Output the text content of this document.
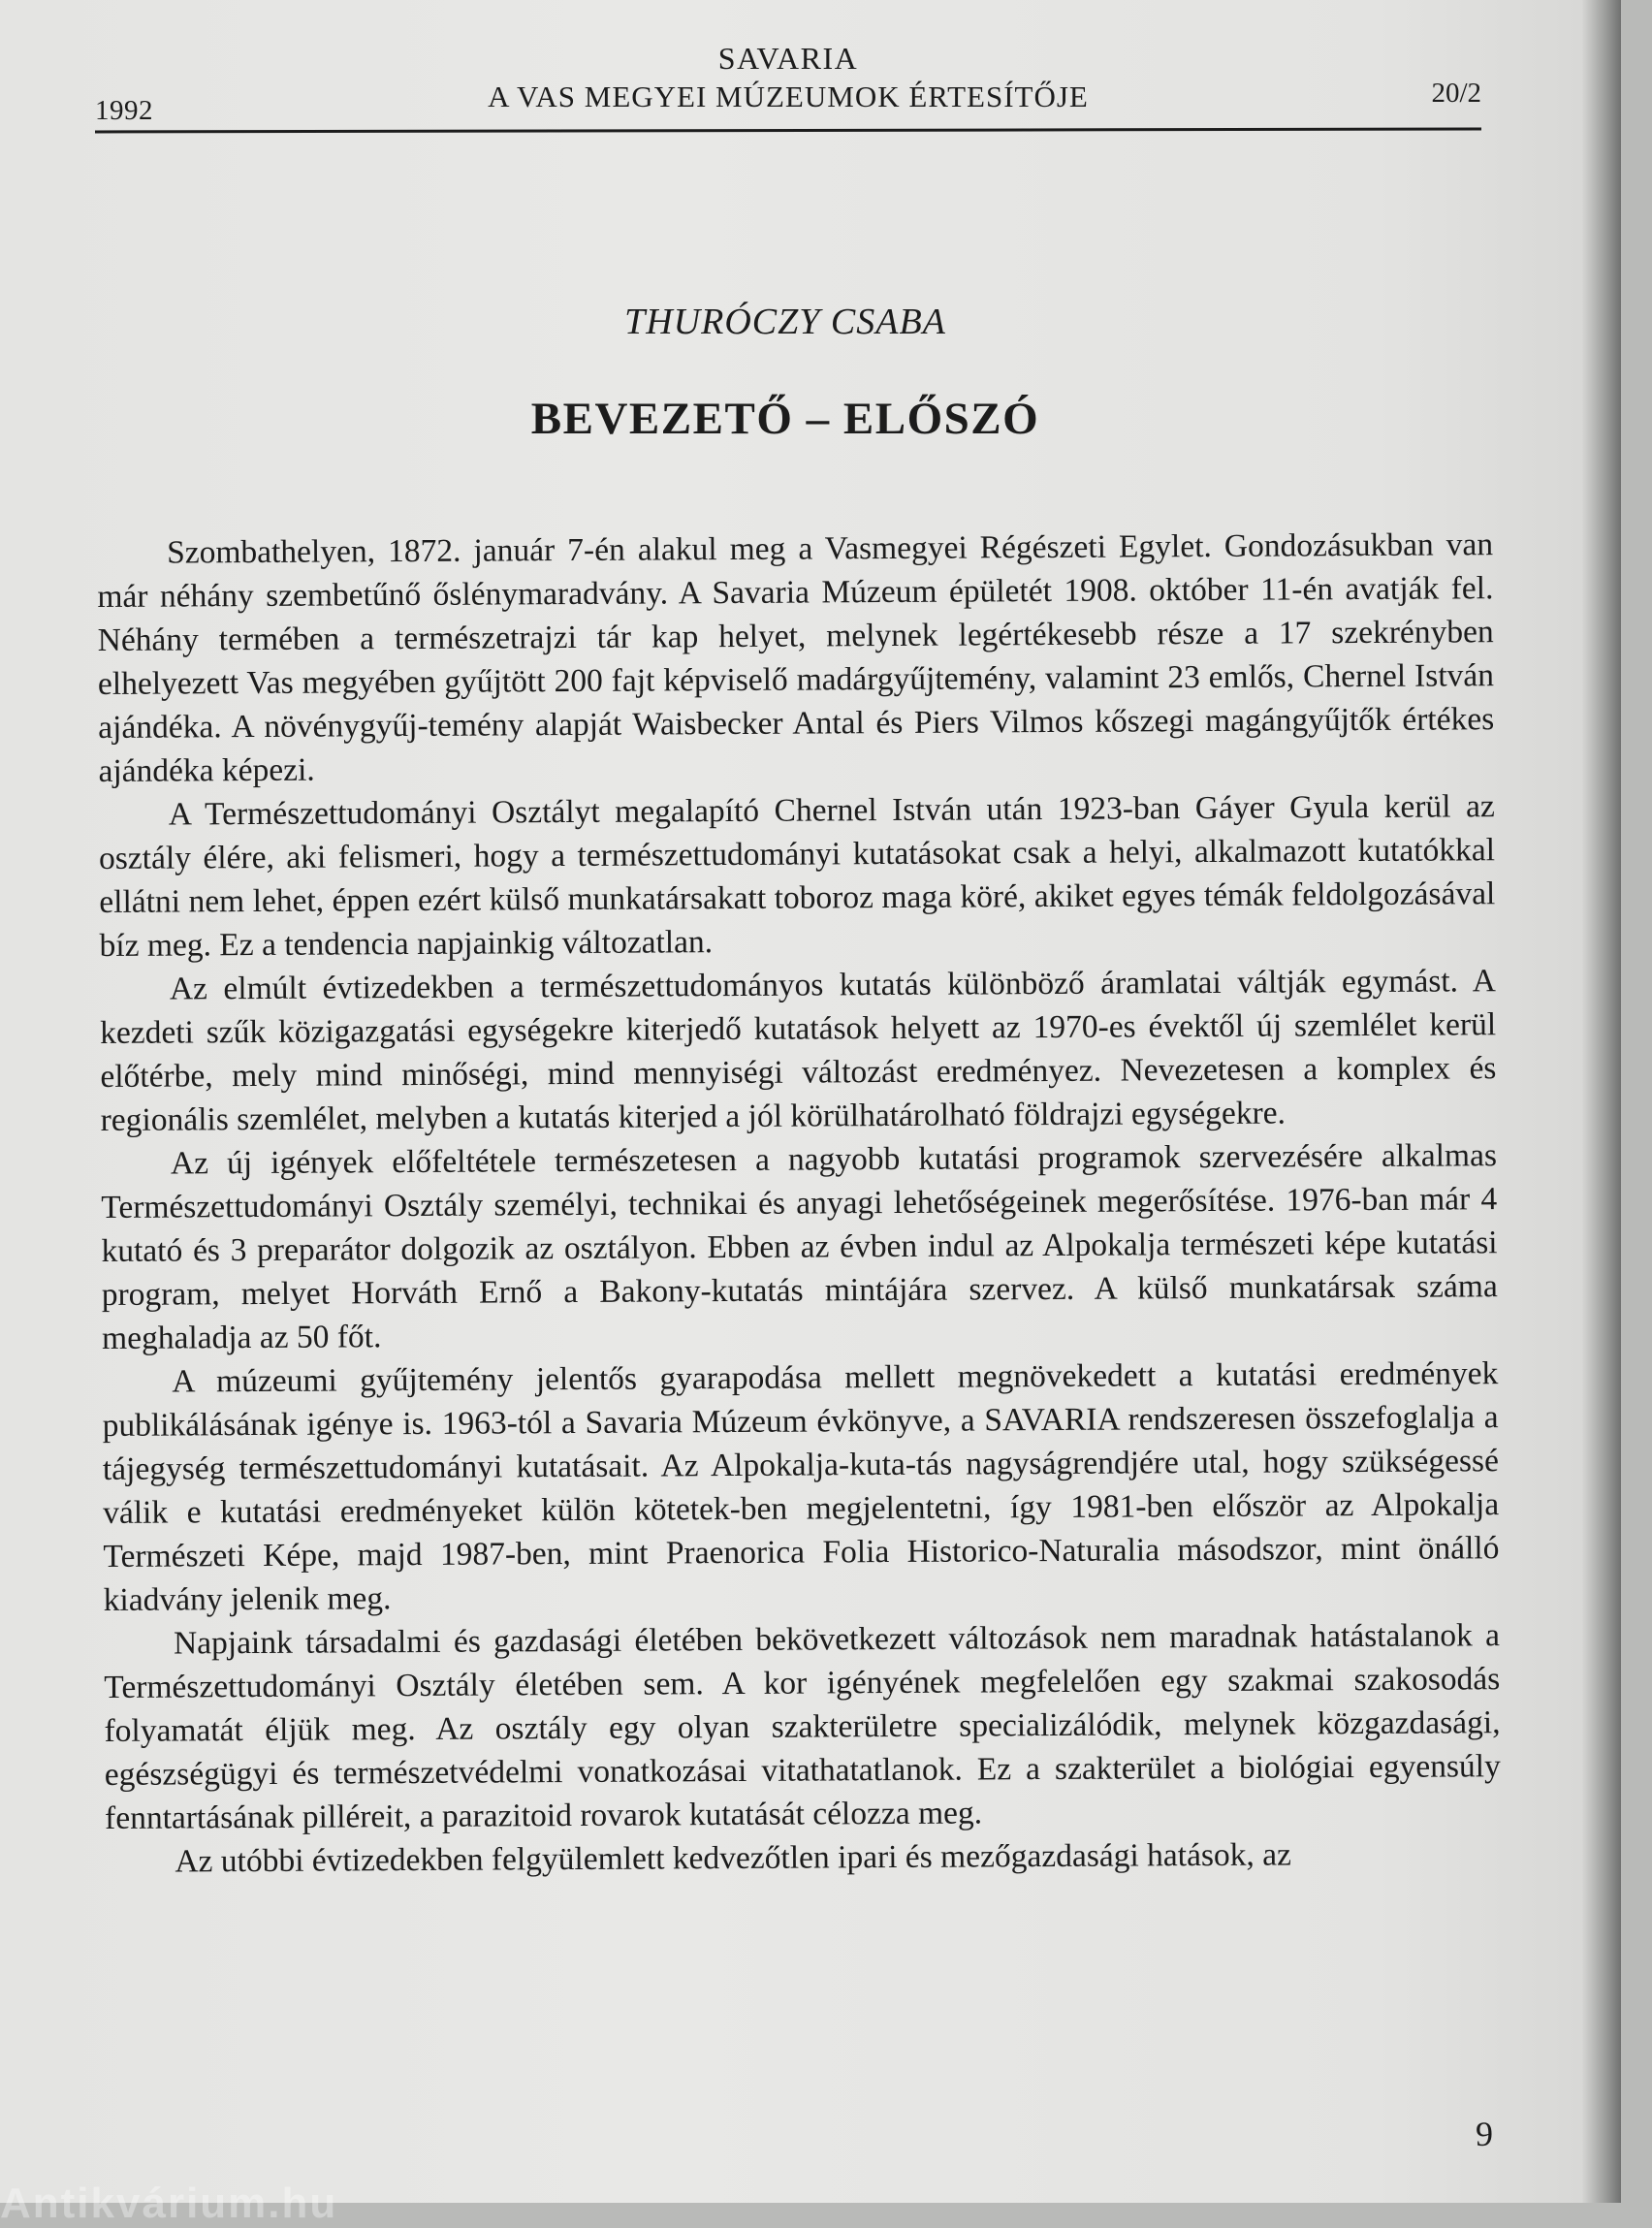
1992
SAVARIA
A VAS MEGYEI MÚZEUMOK ÉRTESÍTŐJE	20/2
THURÓCZY CSABA
BEVEZETŐ – ELŐSZÓ

Szombathelyen, 1872. január 7-én alakul meg a Vasmegyei Régészeti Egylet. Gondozásukban van már néhány szembetűnő őslénymaradvány. A Savaria Múzeum épületét 1908. október 11-én avatják fel. Néhány termében a természetrajzi tár kap helyet, melynek legértékesebb része a 17 szekrényben elhelyezett Vas megyében gyűjtött 200 fajt képviselő madárgyűjtemény, valamint 23 emlős, Chernel István ajándéka. A növénygyűj-temény alapját Waisbecker Antal és Piers Vilmos kőszegi magángyűjtők értékes ajándéka képezi.

A Természettudományi Osztályt megalapító Chernel István után 1923-ban Gáyer Gyula kerül az osztály élére, aki felismeri, hogy a természettudományi kutatásokat csak a helyi, alkalmazott kutatókkal ellátni nem lehet, éppen ezért külső munkatársakatt toboroz maga köré, akiket egyes témák feldolgozásával bíz meg. Ez a tendencia napjainkig változatlan.

Az elmúlt évtizedekben a természettudományos kutatás különböző áramlatai váltják egymást. A kezdeti szűk közigazgatási egységekre kiterjedő kutatások helyett az 1970-es évektől új szemlélet kerül előtérbe, mely mind minőségi, mind mennyiségi változást eredményez. Nevezetesen a komplex és regionális szemlélet, melyben a kutatás kiterjed a jól körülhatárolható földrajzi egységekre.

Az új igények előfeltétele természetesen a nagyobb kutatási programok szervezésére alkalmas Természettudományi Osztály személyi, technikai és anyagi lehetőségeinek megerősítése. 1976-ban már 4 kutató és 3 preparátor dolgozik az osztályon. Ebben az évben indul az Alpokalja természeti képe kutatási program, melyet Horváth Ernő a Bakony-kutatás mintájára szervez. A külső munkatársak száma meghaladja az 50 főt.

A múzeumi gyűjtemény jelentős gyarapodása mellett megnövekedett a kutatási eredmények publikálásának igénye is. 1963-tól a Savaria Múzeum évkönyve, a SAVARIA rendszeresen összefoglalja a tájegység természettudományi kutatásait. Az Alpokalja-kuta-tás nagyságrendjére utal, hogy szükségessé válik e kutatási eredményeket külön kötetek-ben megjelentetni, így 1981-ben először az Alpokalja Természeti Képe, majd 1987-ben, mint Praenorica Folia Historico-Naturalia másodszor, mint önálló kiadvány jelenik meg.

Napjaink társadalmi és gazdasági életében bekövetkezett változások nem maradnak hatástalanok a Természettudományi Osztály életében sem. A kor igényének megfelelően egy szakmai szakosodás folyamatát éljük meg. Az osztály egy olyan szakterületre specializálódik, melynek közgazdasági, egészségügyi és természetvédelmi vonatkozásai vitathatatlanok. Ez a szakterület a biológiai egyensúly fenntartásának pilléreit, a parazitoid rovarok kutatását célozza meg.

Az utóbbi évtizedekben felgyülemlett kedvezőtlen ipari és mezőgazdasági hatások, az

9
Antikvárium.hu
